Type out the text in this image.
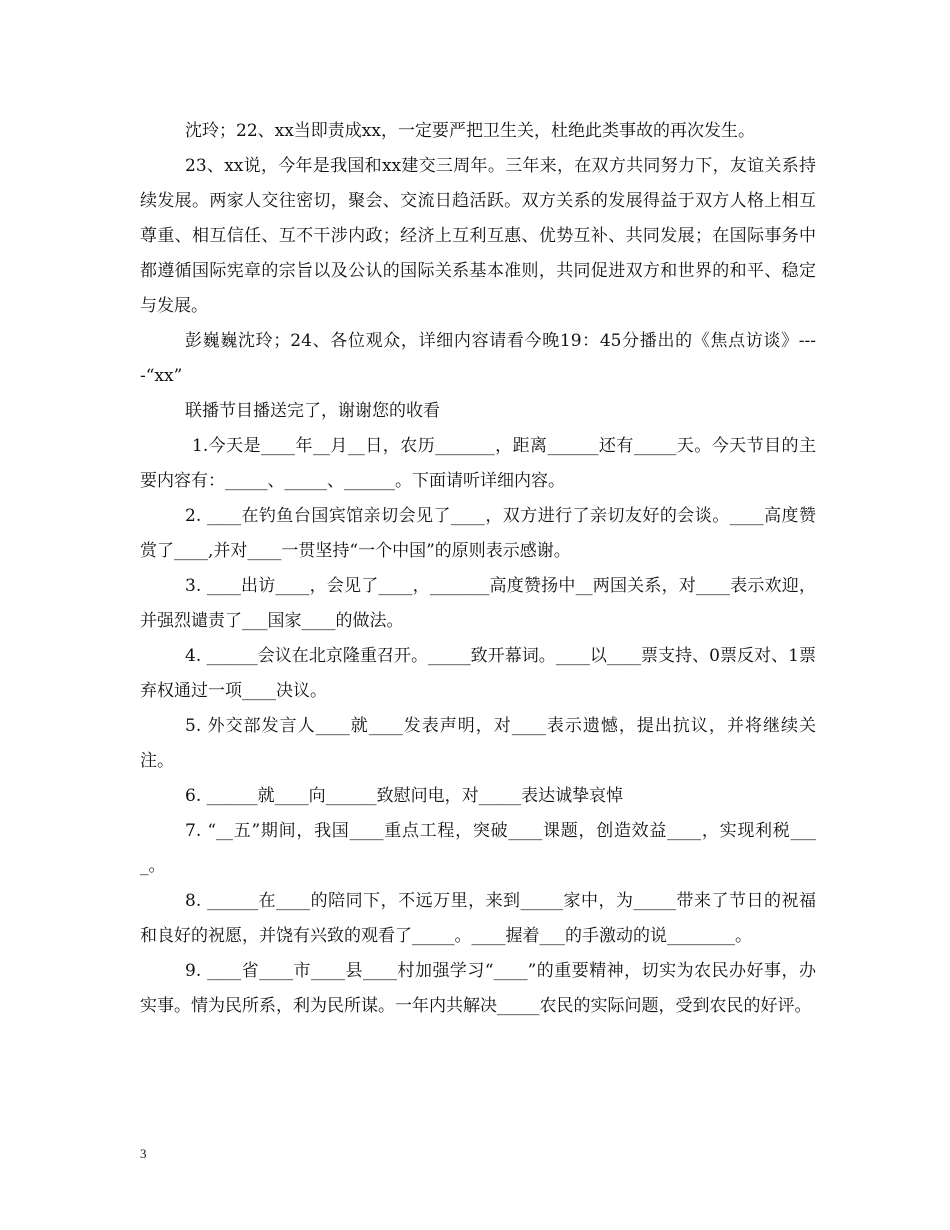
沈玲；22、xx当即责成xx，一定要严把卫生关，杜绝此类事故的再次发生。

23、xx说，今年是我国和xx建交三周年。三年来，在双方共同努力下，友谊关系持续发展。两家人交往密切，聚会、交流日趋活跃。双方关系的发展得益于双方人格上相互尊重、相互信任、互不干涉内政；经济上互利互惠、优势互补、共同发展；在国际事务中都遵循国际宪章的宗旨以及公认的国际关系基本准则，共同促进双方和世界的和平、稳定与发展。

彭巍巍沈玲；24、各位观众，详细内容请看今晚19：45分播出的《焦点访谈》----“xx”

联播节目播送完了，谢谢您的收看

1.今天是____年__月__日，农历_______，距离______还有_____天。今天节目的主要内容有：_____、_____、______。下面请听详细内容。

2. ____在钓鱼台国宾馆亲切会见了____，双方进行了亲切友好的会谈。____高度赞赏了____,并对____一贯坚持“一个中国”的原则表示感谢。

3. ____出访____，会见了____，_______高度赞扬中__两国关系，对____表示欢迎，并强烈谴责了___国家____的做法。

4. ______会议在北京隆重召开。_____致开幕词。____以____票支持、0票反对、1票弃权通过一项____决议。

5. 外交部发言人____就____发表声明，对____表示遗憾，提出抗议，并将继续关注。

6. ______就____向______致慰问电，对_____表达诚挚哀悼

7. “__五”期间，我国____重点工程，突破____课题，创造效益____，实现利税____。

8. ______在____的陪同下，不远万里，来到_____家中，为_____带来了节日的祝福和良好的祝愿，并饶有兴致的观看了_____。____握着___的手激动的说________。

9. ____省____市____县____村加强学习“____”的重要精神，切实为农民办好事，办实事。情为民所系，利为民所谋。一年内共解决_____农民的实际问题，受到农民的好评。

3
